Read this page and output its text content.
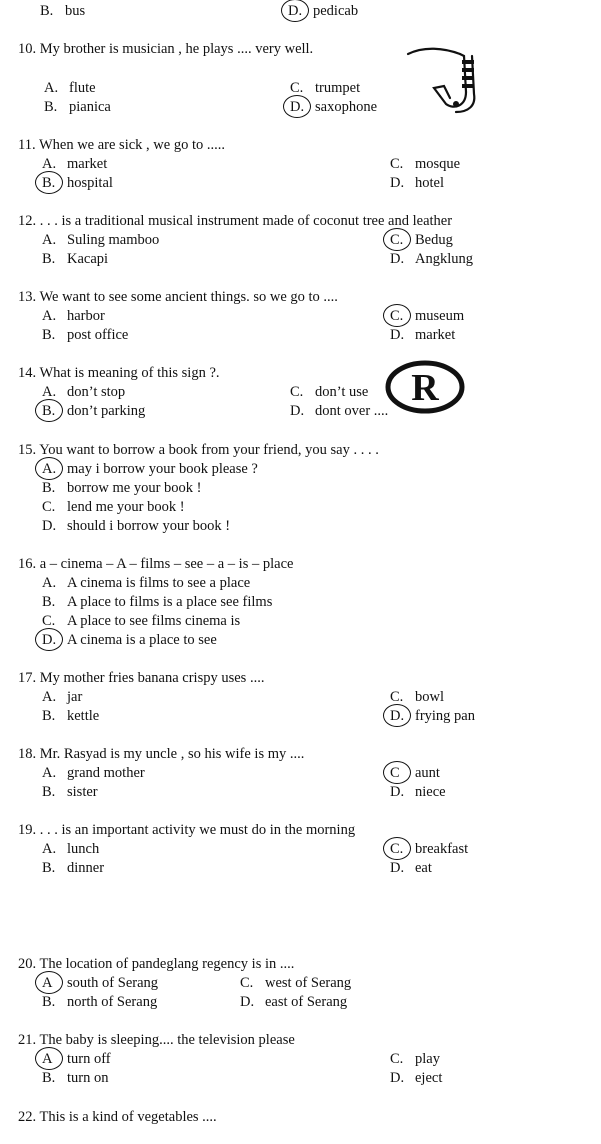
B. bus	D. pedicab
10. My brother is musician , he plays .... very well.
A. flute	C. trumpet
B. pianica	D. saxophone
11. When we are sick , we go to .....
A. market	C. mosque
B. hospital	D. hotel
12. . . . is a traditional musical instrument made of coconut tree and leather
A. Suling mamboo	C. Bedug
B. Kacapi	D. Angklung
13. We want to see some ancient things. so we go to ....
A. harbor	C. museum
B. post office	D. market
14. What is meaning of this sign ?.
A. don’t stop	C. don’t use
B. don’t parking	D. dont over ....
15. You want to borrow a book from your friend, you say . . . .
A. may i borrow your book please ?
B. borrow me your book !
C. lend me your book !
D. should i borrow your book !
16. a – cinema – A – films – see – a – is – place
A. A cinema is films to see a place
B. A place to films is a place see films
C. A place to see films cinema is
D. A cinema is a place to see
17. My mother fries banana crispy uses ....
A. jar	C. bowl
B. kettle	D. frying pan
18. Mr. Rasyad is my uncle , so his wife is my ....
A. grand mother	C aunt
B. sister	D. niece
19. . . . is an important activity we must do in the morning
A. lunch	C. breakfast
B. dinner	D. eat
20. The location of pandeglang regency is in ....
A south of Serang	C. west of Serang
B. north of Serang	D. east of Serang
21. The baby is sleeping.... the television please
A turn off	C. play
B. turn on	D. eject
22. This is a kind of vegetables ....
R
